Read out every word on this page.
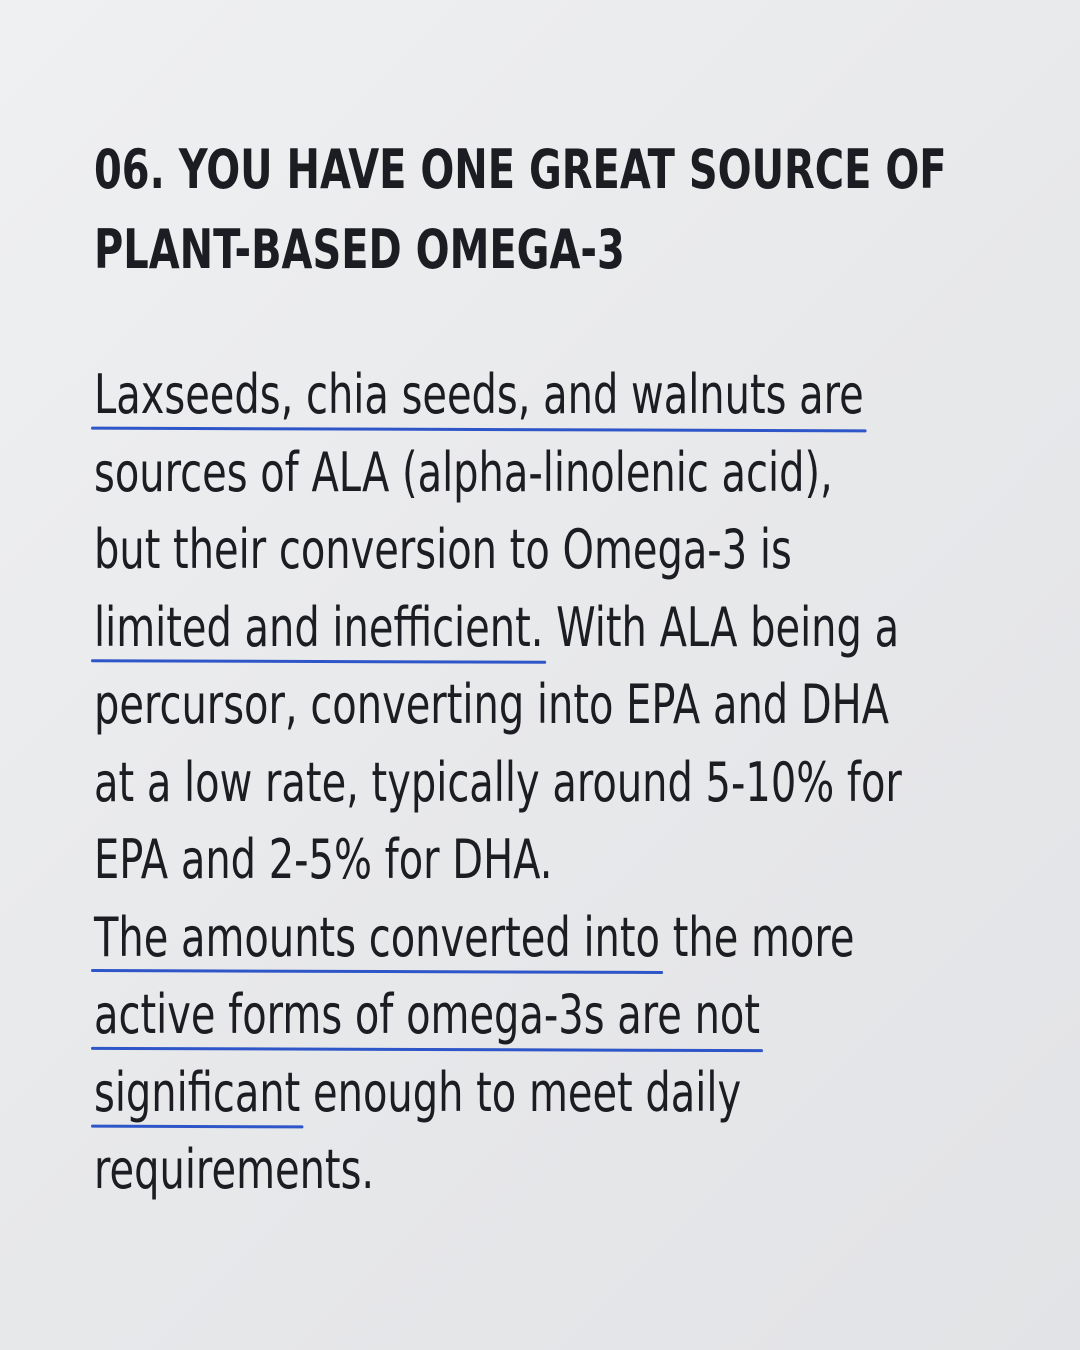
06. YOU HAVE ONE GREAT SOURCE OF
PLANT-BASED OMEGA-3
Laxseeds, chia seeds, and walnuts are
sources of ALA (alpha-linolenic acid),
but their conversion to Omega-3 is
limited and inefficient. With ALA being a
percursor, converting into EPA and DHA
at a low rate, typically around 5-10% for
EPA and 2-5% for DHA.
The amounts converted into the more
active forms of omega-3s are not
significant enough to meet daily
requirements.
